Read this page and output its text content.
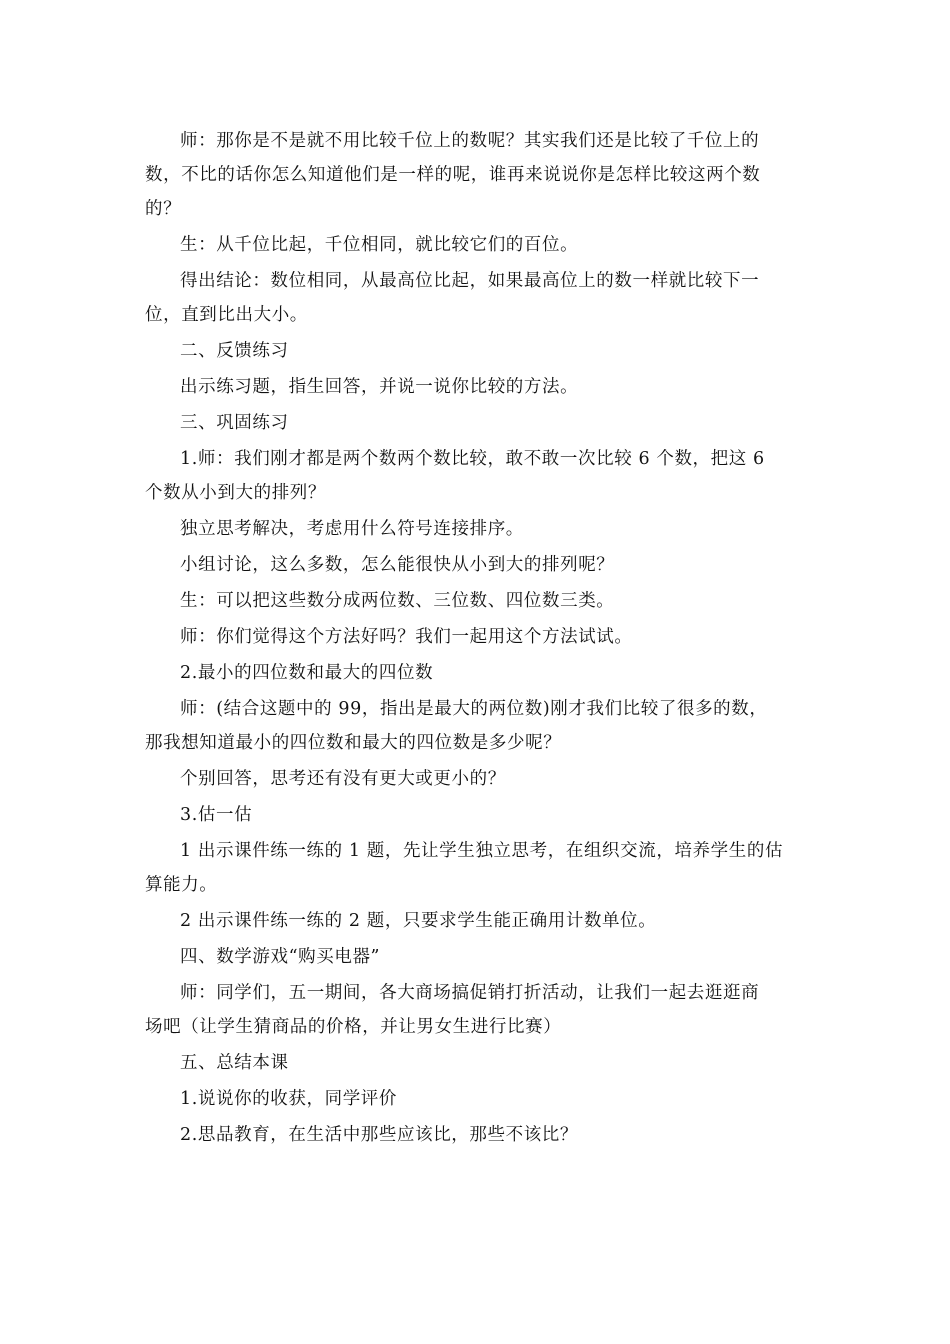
师：那你是不是就不用比较千位上的数呢？其实我们还是比较了千位上的
数，不比的话你怎么知道他们是一样的呢，谁再来说说你是怎样比较这两个数
的？
生：从千位比起，千位相同，就比较它们的百位。
得出结论：数位相同，从最高位比起，如果最高位上的数一样就比较下一
位，直到比出大小。
二、反馈练习
出示练习题，指生回答，并说一说你比较的方法。
三、巩固练习
1.师：我们刚才都是两个数两个数比较，敢不敢一次比较 6 个数，把这 6
个数从小到大的排列？
独立思考解决，考虑用什么符号连接排序。
小组讨论，这么多数，怎么能很快从小到大的排列呢？
生：可以把这些数分成两位数、三位数、四位数三类。
师：你们觉得这个方法好吗？我们一起用这个方法试试。
2.最小的四位数和最大的四位数
师：(结合这题中的 99，指出是最大的两位数)刚才我们比较了很多的数，
那我想知道最小的四位数和最大的四位数是多少呢？
个别回答，思考还有没有更大或更小的？
3.估一估
1 出示课件练一练的 1 题，先让学生独立思考，在组织交流，培养学生的估
算能力。
2 出示课件练一练的 2 题，只要求学生能正确用计数单位。
四、数学游戏“购买电器”
师：同学们，五一期间，各大商场搞促销打折活动，让我们一起去逛逛商
场吧（让学生猜商品的价格，并让男女生进行比赛）
五、总结本课
1.说说你的收获，同学评价
2.思品教育，在生活中那些应该比，那些不该比？
